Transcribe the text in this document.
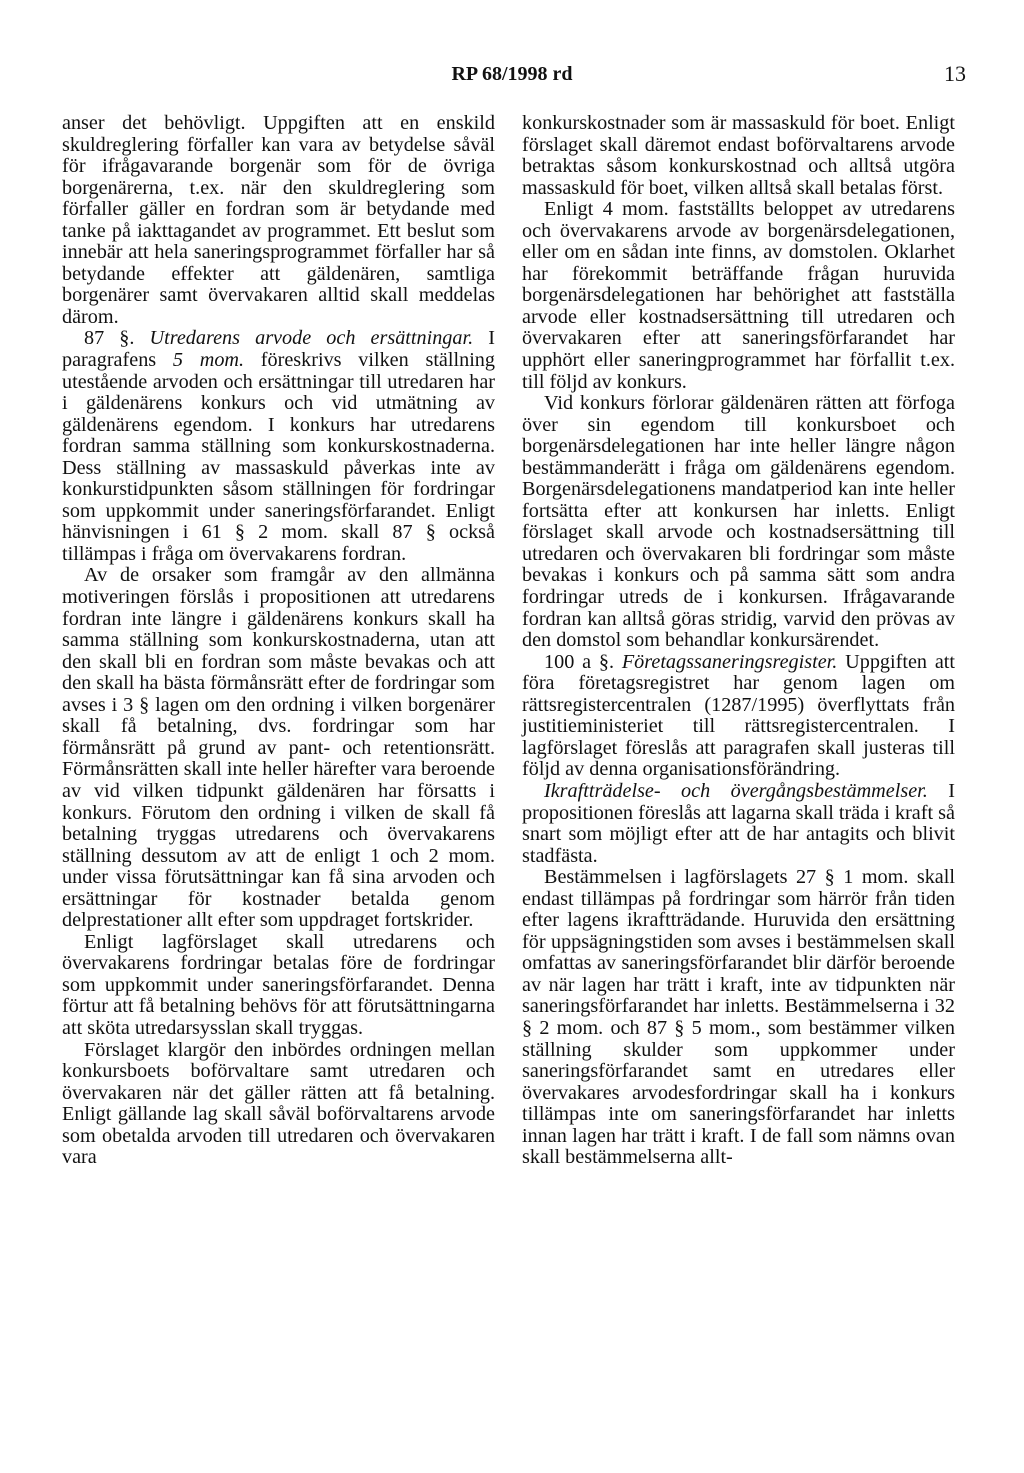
RP 68/1998 rd	13

anser det behövligt. Uppgiften att en enskild skuldreglering förfaller kan vara av betydelse såväl för ifrågavarande borgenär som för de övriga borgenärerna, t.ex. när den skuldreglering som förfaller gäller en fordran som är betydande med tanke på iakttagandet av programmet. Ett beslut som innebär att hela saneringsprogrammet förfaller har så betydande effekter att gäldenären, samtliga borgenärer samt övervakaren alltid skall meddelas därom.

87 §. Utredarens arvode och ersättningar. I paragrafens 5 mom. föreskrivs vilken ställning utestående arvoden och ersättningar till utredaren har i gäldenärens konkurs och vid utmätning av gäldenärens egendom. I konkurs har utredarens fordran samma ställning som konkurskostnaderna. Dess ställning av massaskuld påverkas inte av konkurstidpunkten såsom ställningen för fordringar som uppkommit under saneringsförfarandet. Enligt hänvisningen i 61 § 2 mom. skall 87 § också tillämpas i fråga om övervakarens fordran.

Av de orsaker som framgår av den allmänna motiveringen förslås i propositionen att utredarens fordran inte längre i gäldenärens konkurs skall ha samma ställning som konkurskostnaderna, utan att den skall bli en fordran som måste bevakas och att den skall ha bästa förmånsrätt efter de fordringar som avses i 3 § lagen om den ordning i vilken borgenärer skall få betalning, dvs. fordringar som har förmånsrätt på grund av pant- och retentionsrätt. Förmånsrätten skall inte heller härefter vara beroende av vid vilken tidpunkt gäldenären har försatts i konkurs. Förutom den ordning i vilken de skall få betalning tryggas utredarens och övervakarens ställning dessutom av att de enligt 1 och 2 mom. under vissa förutsättningar kan få sina arvoden och ersättningar för kostnader betalda genom delprestationer allt efter som uppdraget fortskrider.

Enligt lagförslaget skall utredarens och övervakarens fordringar betalas före de fordringar som uppkommit under saneringsförfarandet. Denna förtur att få betalning behövs för att förutsättningarna att sköta utredarsysslan skall tryggas.

Förslaget klargör den inbördes ordningen mellan konkursboets boförvaltare samt utredaren och övervakaren när det gäller rätten att få betalning. Enligt gällande lag skall såväl boförvaltarens arvode som obetalda arvoden till utredaren och övervakaren vara

konkurskostnader som är massaskuld för boet. Enligt förslaget skall däremot endast boförvaltarens arvode betraktas såsom konkurskostnad och alltså utgöra massaskuld för boet, vilken alltså skall betalas först.

Enligt 4 mom. fastställts beloppet av utredarens och övervakarens arvode av borgenärsdelegationen, eller om en sådan inte finns, av domstolen. Oklarhet har förekommit beträffande frågan huruvida borgenärsdelegationen har behörighet att fastställa arvode eller kostnadsersättning till utredaren och övervakaren efter att saneringsförfarandet har upphört eller saneringprogrammet har förfallit t.ex. till följd av konkurs.

Vid konkurs förlorar gäldenären rätten att förfoga över sin egendom till konkursboet och borgenärsdelegationen har inte heller längre någon bestämmanderätt i fråga om gäldenärens egendom. Borgenärsdelegationens mandatperiod kan inte heller fortsätta efter att konkursen har inletts. Enligt förslaget skall arvode och kostnadsersättning till utredaren och övervakaren bli fordringar som måste bevakas i konkurs och på samma sätt som andra fordringar utreds de i konkursen. Ifrågavarande fordran kan alltså göras stridig, varvid den prövas av den domstol som behandlar konkursärendet.

100 a §. Företagssaneringsregister. Uppgiften att föra företagsregistret har genom lagen om rättsregistercentralen (1287/1995) överflyttats från justitieministeriet till rättsregistercentralen. I lagförslaget föreslås att paragrafen skall justeras till följd av denna organisationsförändring.

Ikraftträdelse- och övergångsbestämmelser. I propositionen föreslås att lagarna skall träda i kraft så snart som möjligt efter att de har antagits och blivit stadfästa.

Bestämmelsen i lagförslagets 27 § 1 mom. skall endast tillämpas på fordringar som härrör från tiden efter lagens ikraftträdande. Huruvida den ersättning för uppsägningstiden som avses i bestämmelsen skall omfattas av saneringsförfarandet blir därför beroende av när lagen har trätt i kraft, inte av tidpunkten när saneringsförfarandet har inletts. Bestämmelserna i 32 § 2 mom. och 87 § 5 mom., som bestämmer vilken ställning skulder som uppkommer under saneringsförfarandet samt en utredares eller övervakares arvodesfordringar skall ha i konkurs tillämpas inte om saneringsförfarandet har inletts innan lagen har trätt i kraft. I de fall som nämns ovan skall bestämmelserna allt-
